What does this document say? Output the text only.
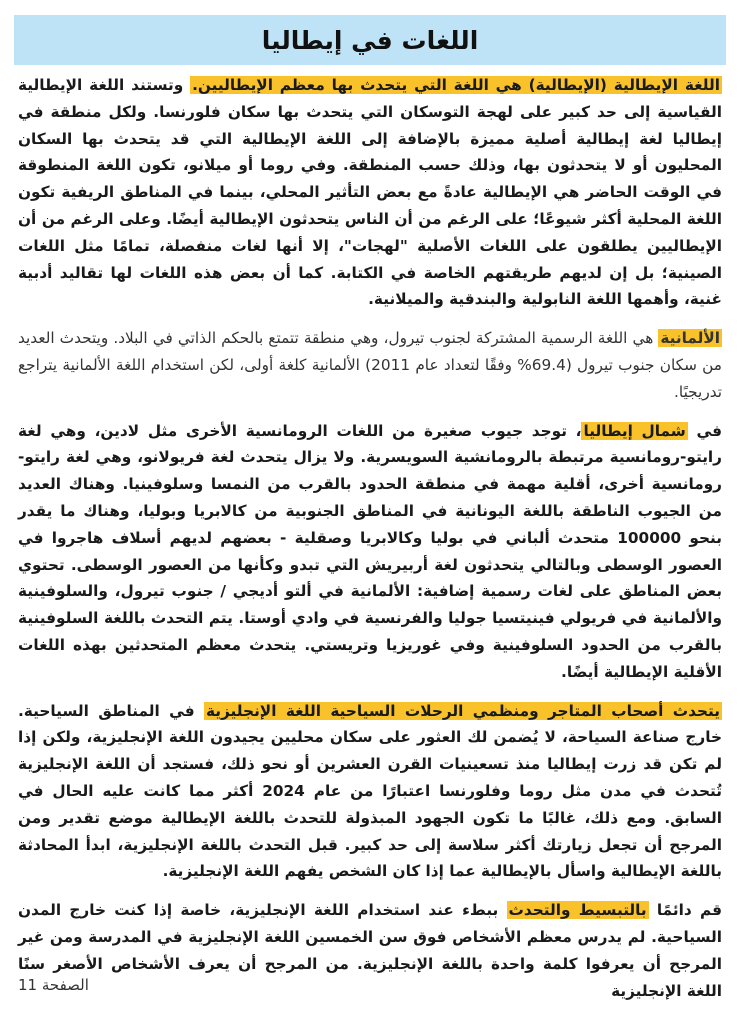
اللغات في إيطاليا

اللغة الإيطالية (الإيطالية) هي اللغة التي يتحدث بها معظم الإيطاليين. وتستند اللغة الإيطالية القياسية إلى حد كبير على لهجة التوسكان التي يتحدث بها سكان فلورنسا. ولكل منطقة في إيطاليا لغة إيطالية أصلية مميزة بالإضافة إلى اللغة الإيطالية التي قد يتحدث بها السكان المحليون أو لا يتحدثون بها، وذلك حسب المنطقة. وفي روما أو ميلانو، تكون اللغة المنطوقة في الوقت الحاضر هي الإيطالية عادةً مع بعض التأثير المحلي، بينما في المناطق الريفية تكون اللغة المحلية أكثر شيوعًا؛ على الرغم من أن الناس يتحدثون الإيطالية أيضًا. وعلى الرغم من أن الإيطاليين يطلقون على اللغات الأصلية "لهجات"، إلا أنها لغات منفصلة، تمامًا مثل اللغات الصينية؛ بل إن لديهم طريقتهم الخاصة في الكتابة. كما أن بعض هذه اللغات لها تقاليد أدبية غنية، وأهمها اللغة النابولية والبندقية والميلانية.

الألمانية هي اللغة الرسمية المشتركة لجنوب تيرول، وهي منطقة تتمتع بالحكم الذاتي في البلاد. ويتحدث العديد من سكان جنوب تيرول (69.4% وفقًا لتعداد عام 2011) الألمانية كلغة أولى، لكن استخدام اللغة الألمانية يتراجع تدريجيًا.

في شمال إيطاليا، توجد جيوب صغيرة من اللغات الرومانسية الأخرى مثل لادين، وهي لغة رايتو-رومانسية مرتبطة بالرومانشية السويسرية. ولا يزال يتحدث لغة فريولانو، وهي لغة رايتو-رومانسية أخرى، أقلية مهمة في منطقة الحدود بالقرب من النمسا وسلوفينيا. وهناك العديد من الجيوب الناطقة باللغة اليونانية في المناطق الجنوبية من كالابريا وبوليا، وهناك ما يقدر بنحو 100000 متحدث ألباني في بوليا وكالابريا وصقلية - بعضهم لديهم أسلاف هاجروا في العصور الوسطى وبالتالي يتحدثون لغة أربيريش التي تبدو وكأنها من العصور الوسطى. تحتوي بعض المناطق على لغات رسمية إضافية: الألمانية في ألتو أديجي / جنوب تيرول، والسلوفينية والألمانية في فريولي فينيتسيا جوليا والفرنسية في وادي أوستا. يتم التحدث باللغة السلوفينية بالقرب من الحدود السلوفينية وفي غوريزيا وتريستي. يتحدث معظم المتحدثين بهذه اللغات الأقلية الإيطالية أيضًا.

يتحدث أصحاب المتاجر ومنظمي الرحلات السياحية اللغة الإنجليزية في المناطق السياحية. خارج صناعة السياحة، لا يُضمن لك العثور على سكان محليين يجيدون اللغة الإنجليزية، ولكن إذا لم تكن قد زرت إيطاليا منذ تسعينيات القرن العشرين أو نحو ذلك، فستجد أن اللغة الإنجليزية تُتحدث في مدن مثل روما وفلورنسا اعتبارًا من عام 2024 أكثر مما كانت عليه الحال في السابق. ومع ذلك، غالبًا ما تكون الجهود المبذولة للتحدث باللغة الإيطالية موضع تقدير ومن المرجح أن تجعل زيارتك أكثر سلاسة إلى حد كبير. قبل التحدث باللغة الإنجليزية، ابدأ المحادثة باللغة الإيطالية واسأل بالإيطالية عما إذا كان الشخص يفهم اللغة الإنجليزية.

قم دائمًا بالتبسيط والتحدث ببطء عند استخدام اللغة الإنجليزية، خاصة إذا كنت خارج المدن السياحية. لم يدرس معظم الأشخاص فوق سن الخمسين اللغة الإنجليزية في المدرسة ومن غير المرجح أن يعرفوا كلمة واحدة باللغة الإنجليزية. من المرجح أن يعرف الأشخاص الأصغر سنًا اللغة الإنجليزية

الصفحة 11
